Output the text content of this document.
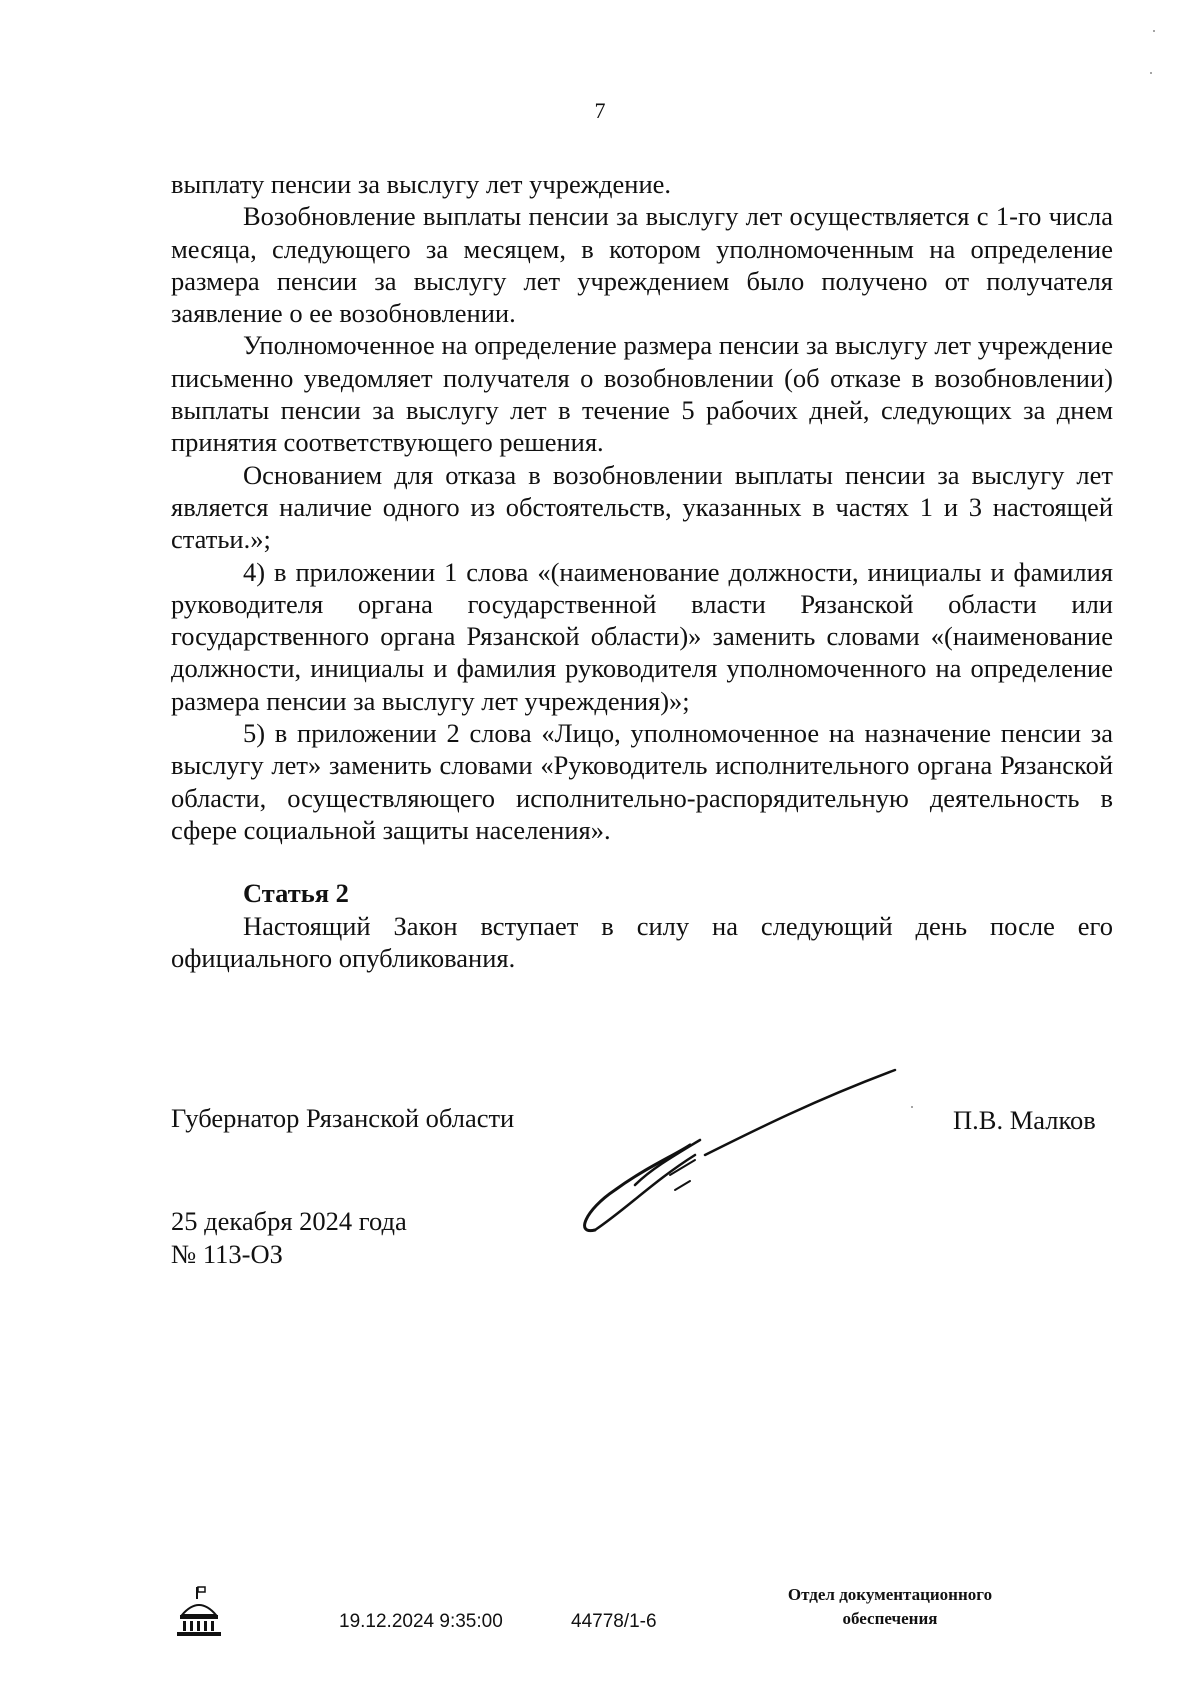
7

выплату пенсии за выслугу лет учреждение.

Возобновление выплаты пенсии за выслугу лет осуществляется с 1-го числа месяца, следующего за месяцем, в котором уполномоченным на определение размера пенсии за выслугу лет учреждением было получено от получателя заявление о ее возобновлении.

Уполномоченное на определение размера пенсии за выслугу лет учреждение письменно уведомляет получателя о возобновлении (об отказе в возобновлении) выплаты пенсии за выслугу лет в течение 5 рабочих дней, следующих за днем принятия соответствующего решения.

Основанием для отказа в возобновлении выплаты пенсии за выслугу лет является наличие одного из обстоятельств, указанных в частях 1 и 3 настоящей статьи.»;

4) в приложении 1 слова «(наименование должности, инициалы и фамилия руководителя органа государственной власти Рязанской области или государственного органа Рязанской области)» заменить словами «(наименование должности, инициалы и фамилия руководителя уполномоченного на определение размера пенсии за выслугу лет учреждения)»;

5) в приложении 2 слова «Лицо, уполномоченное на назначение пенсии за выслугу лет» заменить словами «Руководитель исполнительного органа Рязанской области, осуществляющего исполнительно-распорядительную деятельность в сфере социальной защиты населения».

Статья 2

Настоящий Закон вступает в силу на следующий день после его официального опубликования.

Губернатор Рязанской области	П.В. Малков
25 декабря 2024 года
№ 113-ОЗ
19.12.2024 9:35:00	44778/1-6
Отдел документационного
обеспечения
